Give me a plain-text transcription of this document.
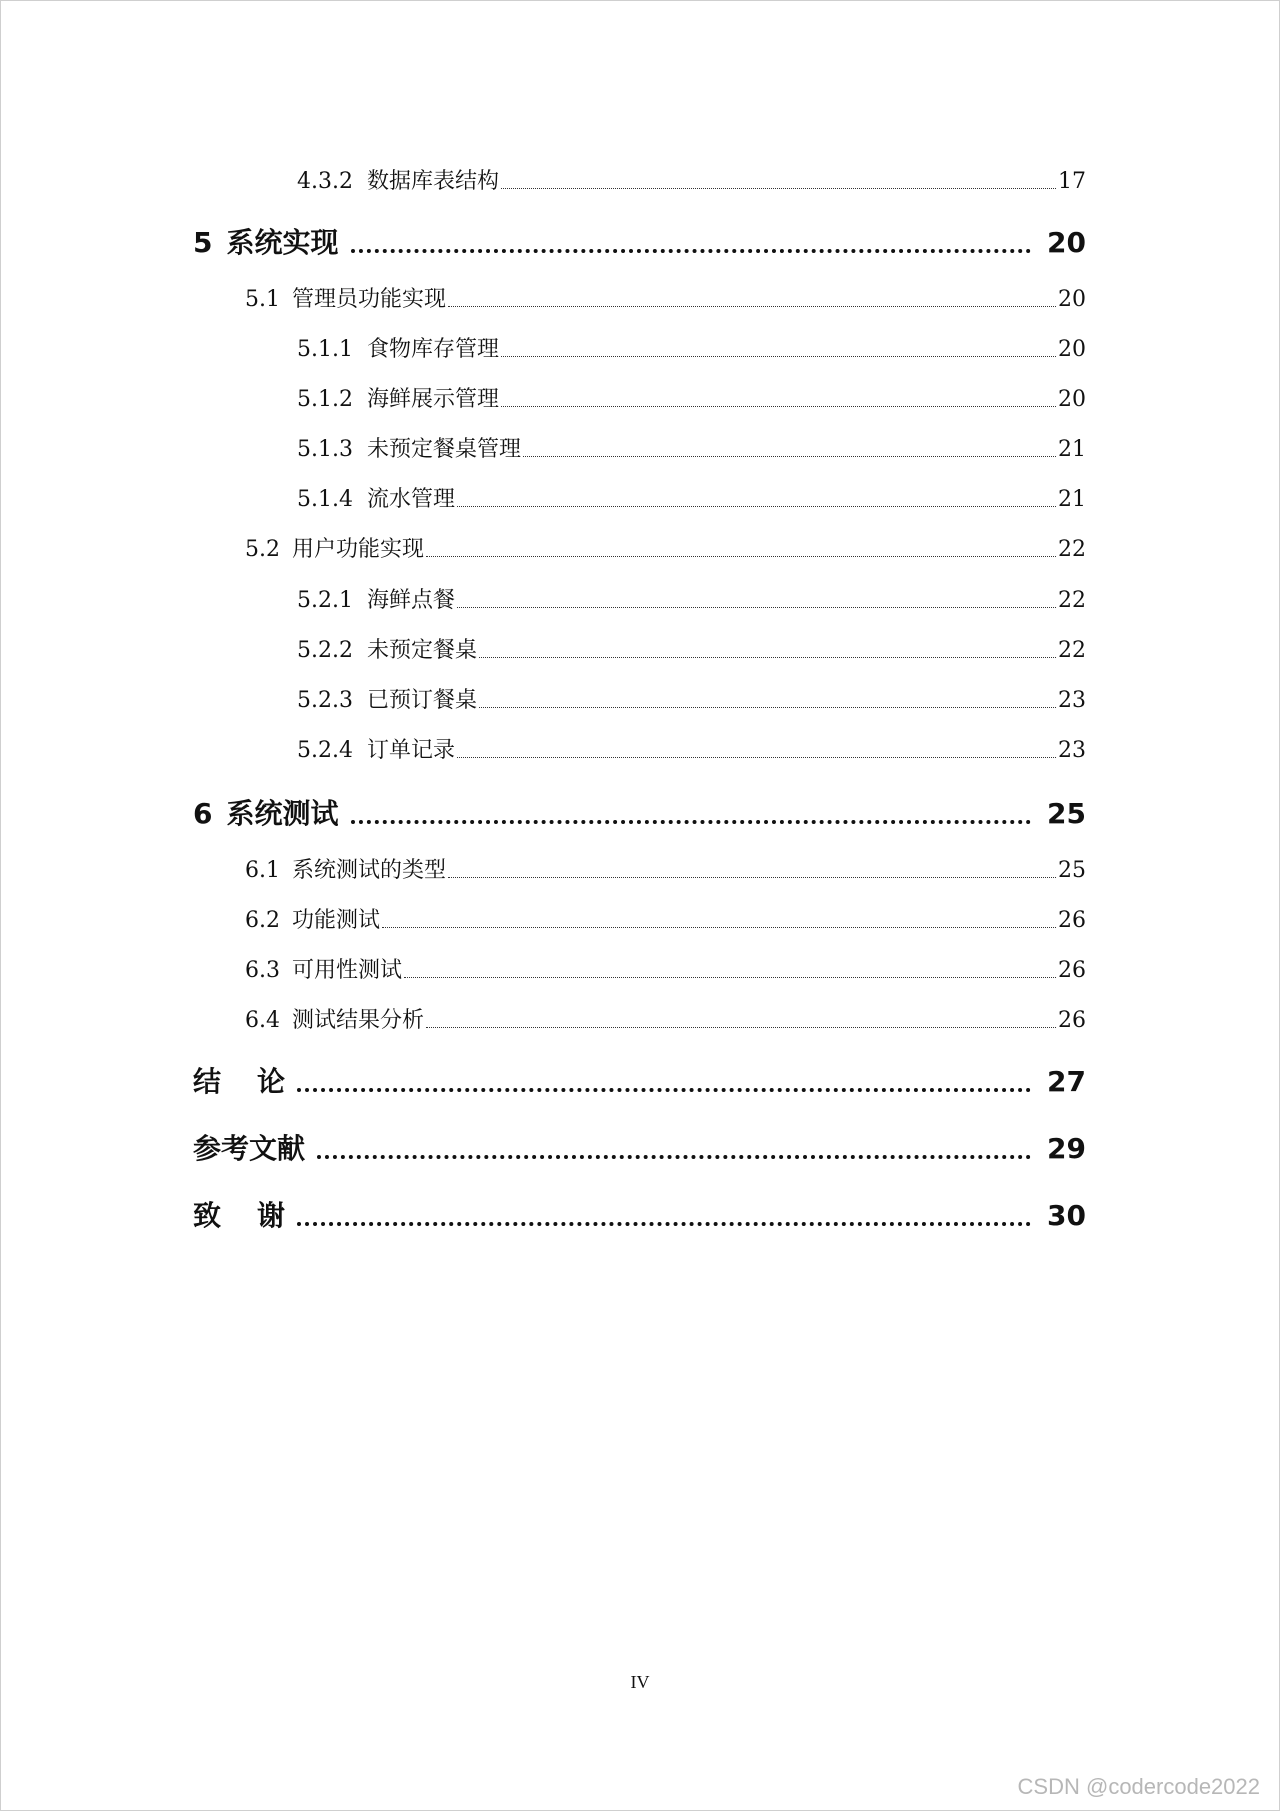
4.3.2 数据库表结构	17
5 系统实现	20
5.1 管理员功能实现	20
5.1.1 食物库存管理	20
5.1.2 海鲜展示管理	20
5.1.3 未预定餐桌管理	21
5.1.4 流水管理	21
5.2 用户功能实现	22
5.2.1 海鲜点餐	22
5.2.2 未预定餐桌	22
5.2.3 已预订餐桌	23
5.2.4 订单记录	23
6 系统测试	25
6.1 系统测试的类型	25
6.2 功能测试	26
6.3 可用性测试	26
6.4 测试结果分析	26
结论	27
参考文献	29
致谢	30
IV
CSDN @codercode2022
